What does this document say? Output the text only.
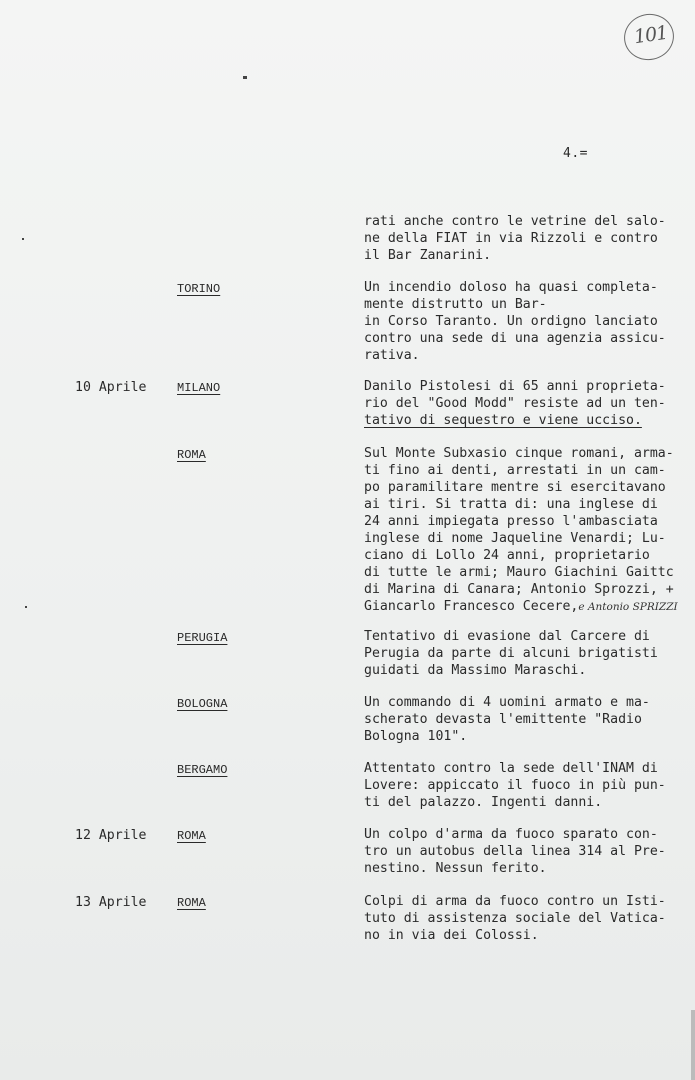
101
4.=
rati anche contro le vetrine del salo-
ne della FIAT in via Rizzoli e contro
il Bar Zanarini.
TORINO	Un incendio doloso ha quasi completa-
mente distrutto un Bar-
in Corso Taranto. Un ordigno lanciato
contro una sede di una agenzia assicu-
rativa.
10 Aprile	MILANO	Danilo Pistolesi di 65 anni proprieta-
rio del "Good Modd" resiste ad un ten-
tativo di sequestro e viene ucciso.
ROMA	Sul Monte Subxasio cinque romani, arma-
ti fino ai denti, arrestati in un cam-
po paramilitare mentre si esercitavano
ai tiri. Si tratta di: una inglese di
24 anni impiegata presso l'ambasciata
inglese di nome Jaqueline Venardi; Lu-
ciano di Lollo 24 anni, proprietario
di tutte le armi; Mauro Giachini Gaittc
di Marina di Canara; Antonio Sprozzi, +
Giancarlo Francesco Cecere,e Antonio SPRIZZI
PERUGIA	Tentativo di evasione dal Carcere di
Perugia da parte di alcuni brigatisti
guidati da Massimo Maraschi.
BOLOGNA	Un commando di 4 uomini armato e ma-
scherato devasta l'emittente "Radio
Bologna 101".
BERGAMO	Attentato contro la sede dell'INAM di
Lovere: appiccato il fuoco in più pun-
ti del palazzo. Ingenti danni.
12 Aprile	ROMA	Un colpo d'arma da fuoco sparato con-
tro un autobus della linea 314 al Pre-
nestino. Nessun ferito.
13 Aprile	ROMA	Colpi di arma da fuoco contro un Isti-
tuto di assistenza sociale del Vatica-
no in via dei Colossi.
